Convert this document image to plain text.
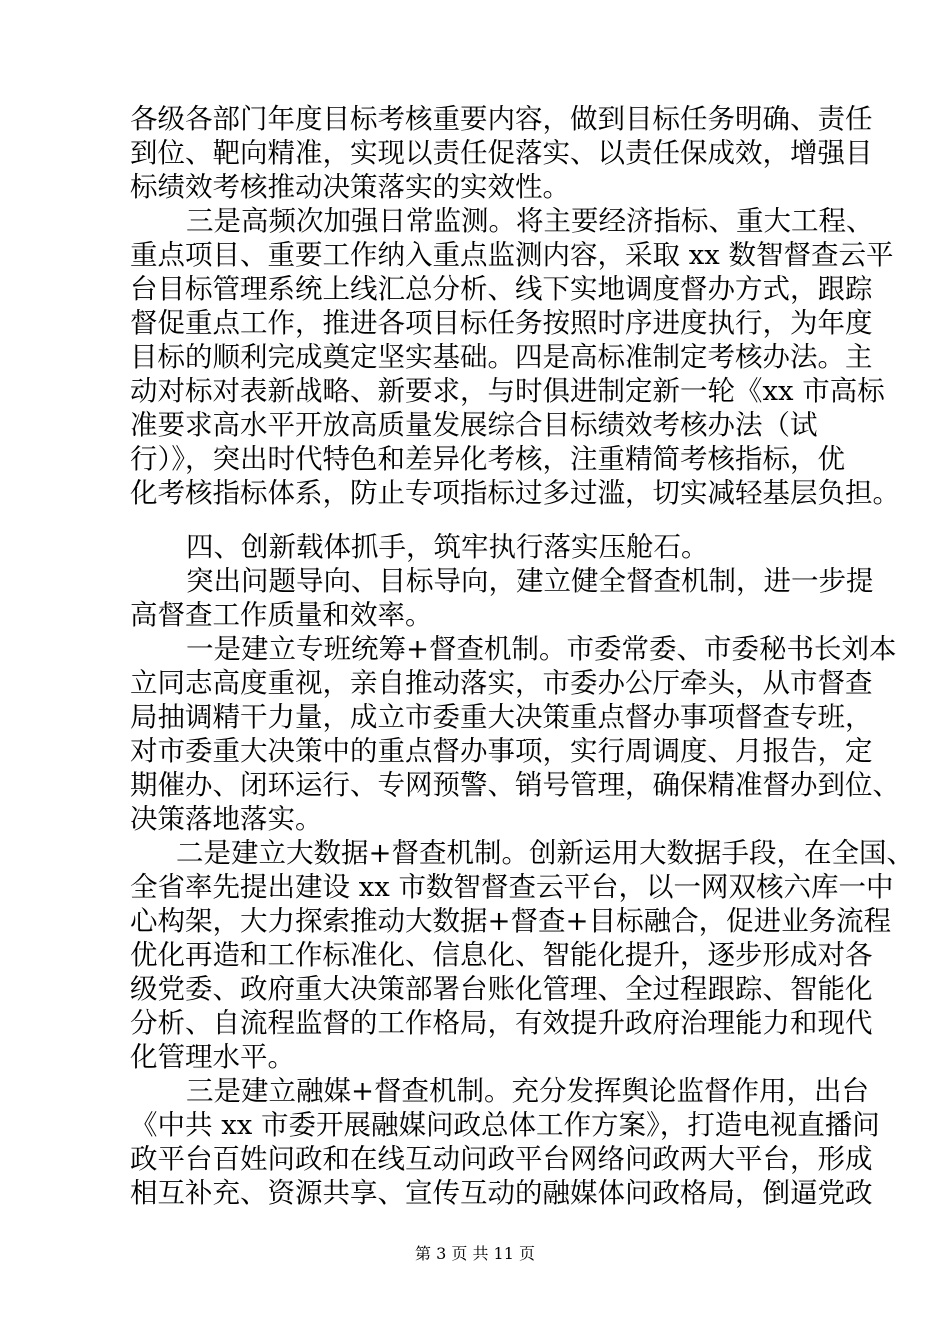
各级各部门年度目标考核重要内容，做到目标任务明确、责任
到位、靶向精准，实现以责任促落实、以责任保成效，增强目
标绩效考核推动决策落实的实效性。
三是高频次加强日常监测。将主要经济指标、重大工程、
重点项目、重要工作纳入重点监测内容，采取 xx 数智督查云平
台目标管理系统上线汇总分析、线下实地调度督办方式，跟踪
督促重点工作，推进各项目标任务按照时序进度执行，为年度
目标的顺利完成奠定坚实基础。四是高标准制定考核办法。主
动对标对表新战略、新要求，与时俱进制定新一轮《xx 市高标
准要求高水平开放高质量发展综合目标绩效考核办法（试
行）》，突出时代特色和差异化考核，注重精简考核指标，优
化考核指标体系，防止专项指标过多过滥，切实减轻基层负担。
四、创新载体抓手，筑牢执行落实压舱石。
突出问题导向、目标导向，建立健全督查机制，进一步提
高督查工作质量和效率。
一是建立专班统筹+督查机制。市委常委、市委秘书长刘本
立同志高度重视，亲自推动落实，市委办公厅牵头，从市督查
局抽调精干力量，成立市委重大决策重点督办事项督查专班，
对市委重大决策中的重点督办事项，实行周调度、月报告，定
期催办、闭环运行、专网预警、销号管理，确保精准督办到位、
决策落地落实。
二是建立大数据+督查机制。创新运用大数据手段，在全国、
全省率先提出建设 xx 市数智督查云平台，以一网双核六库一中
心构架，大力探索推动大数据+督查+目标融合，促进业务流程
优化再造和工作标准化、信息化、智能化提升，逐步形成对各
级党委、政府重大决策部署台账化管理、全过程跟踪、智能化
分析、自流程监督的工作格局，有效提升政府治理能力和现代
化管理水平。
三是建立融媒+督查机制。充分发挥舆论监督作用，出台
《中共 xx 市委开展融媒问政总体工作方案》，打造电视直播问
政平台百姓问政和在线互动问政平台网络问政两大平台，形成
第 3 页 共 11 页
相互补充、资源共享、宣传互动的融媒体问政格局，倒逼党政
